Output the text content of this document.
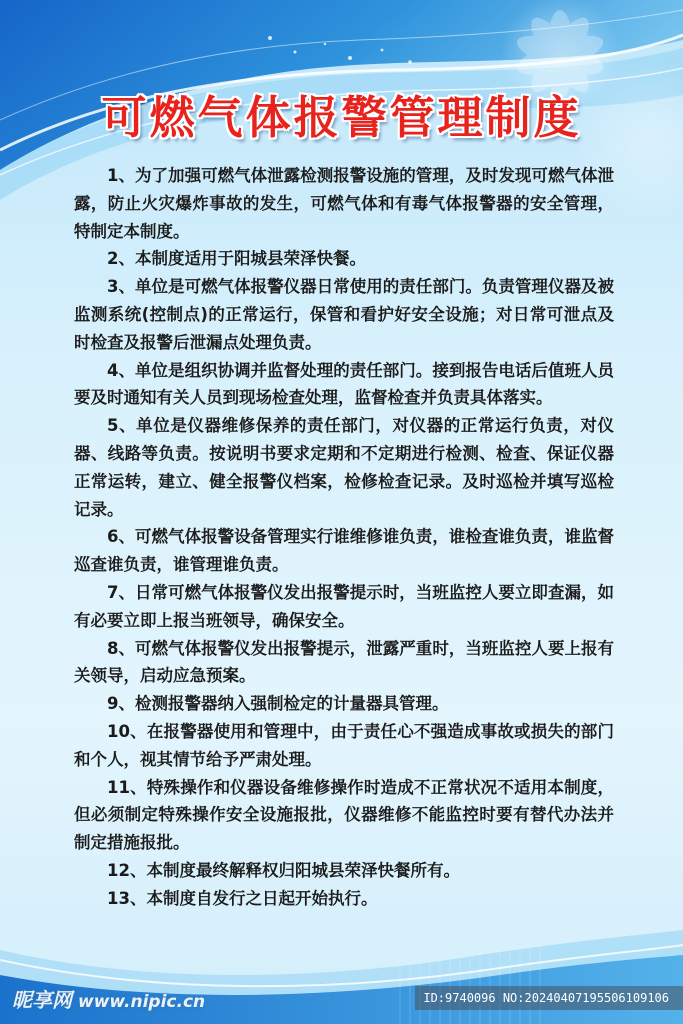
可燃气体报警管理制度

1、为了加强可燃气体泄露检测报警设施的管理，及时发现可燃气体泄露，防止火灾爆炸事故的发生，可燃气体和有毒气体报警器的安全管理，特制定本制度。

2、本制度适用于阳城县荣泽快餐。

3、单位是可燃气体报警仪器日常使用的责任部门。负责管理仪器及被监测系统(控制点)的正常运行，保管和看护好安全设施；对日常可泄点及时检查及报警后泄漏点处理负责。

4、单位是组织协调并监督处理的责任部门。接到报告电话后值班人员要及时通知有关人员到现场检查处理，监督检查并负责具体落实。

5、单位是仪器维修保养的责任部门，对仪器的正常运行负责，对仪器、线路等负责。按说明书要求定期和不定期进行检测、检查、保证仪器正常运转，建立、健全报警仪档案，检修检查记录。及时巡检并填写巡检记录。

6、可燃气体报警设备管理实行谁维修谁负责，谁检查谁负责，谁监督巡查谁负责，谁管理谁负责。

7、日常可燃气体报警仪发出报警提示时，当班监控人要立即查漏，如有必要立即上报当班领导，确保安全。

8、可燃气体报警仪发出报警提示，泄露严重时，当班监控人要上报有关领导，启动应急预案。

9、检测报警器纳入强制检定的计量器具管理。

10、在报警器使用和管理中，由于责任心不强造成事故或损失的部门和个人，视其情节给予严肃处理。

11、特殊操作和仪器设备维修操作时造成不正常状况不适用本制度，但必须制定特殊操作安全设施报批，仪器维修不能监控时要有替代办法并制定措施报批。

12、本制度最终解释权归阳城县荣泽快餐所有。

13、本制度自发行之日起开始执行。

昵享网 www.nipic.cn	ID:9740096 NO:20240407195506109106
